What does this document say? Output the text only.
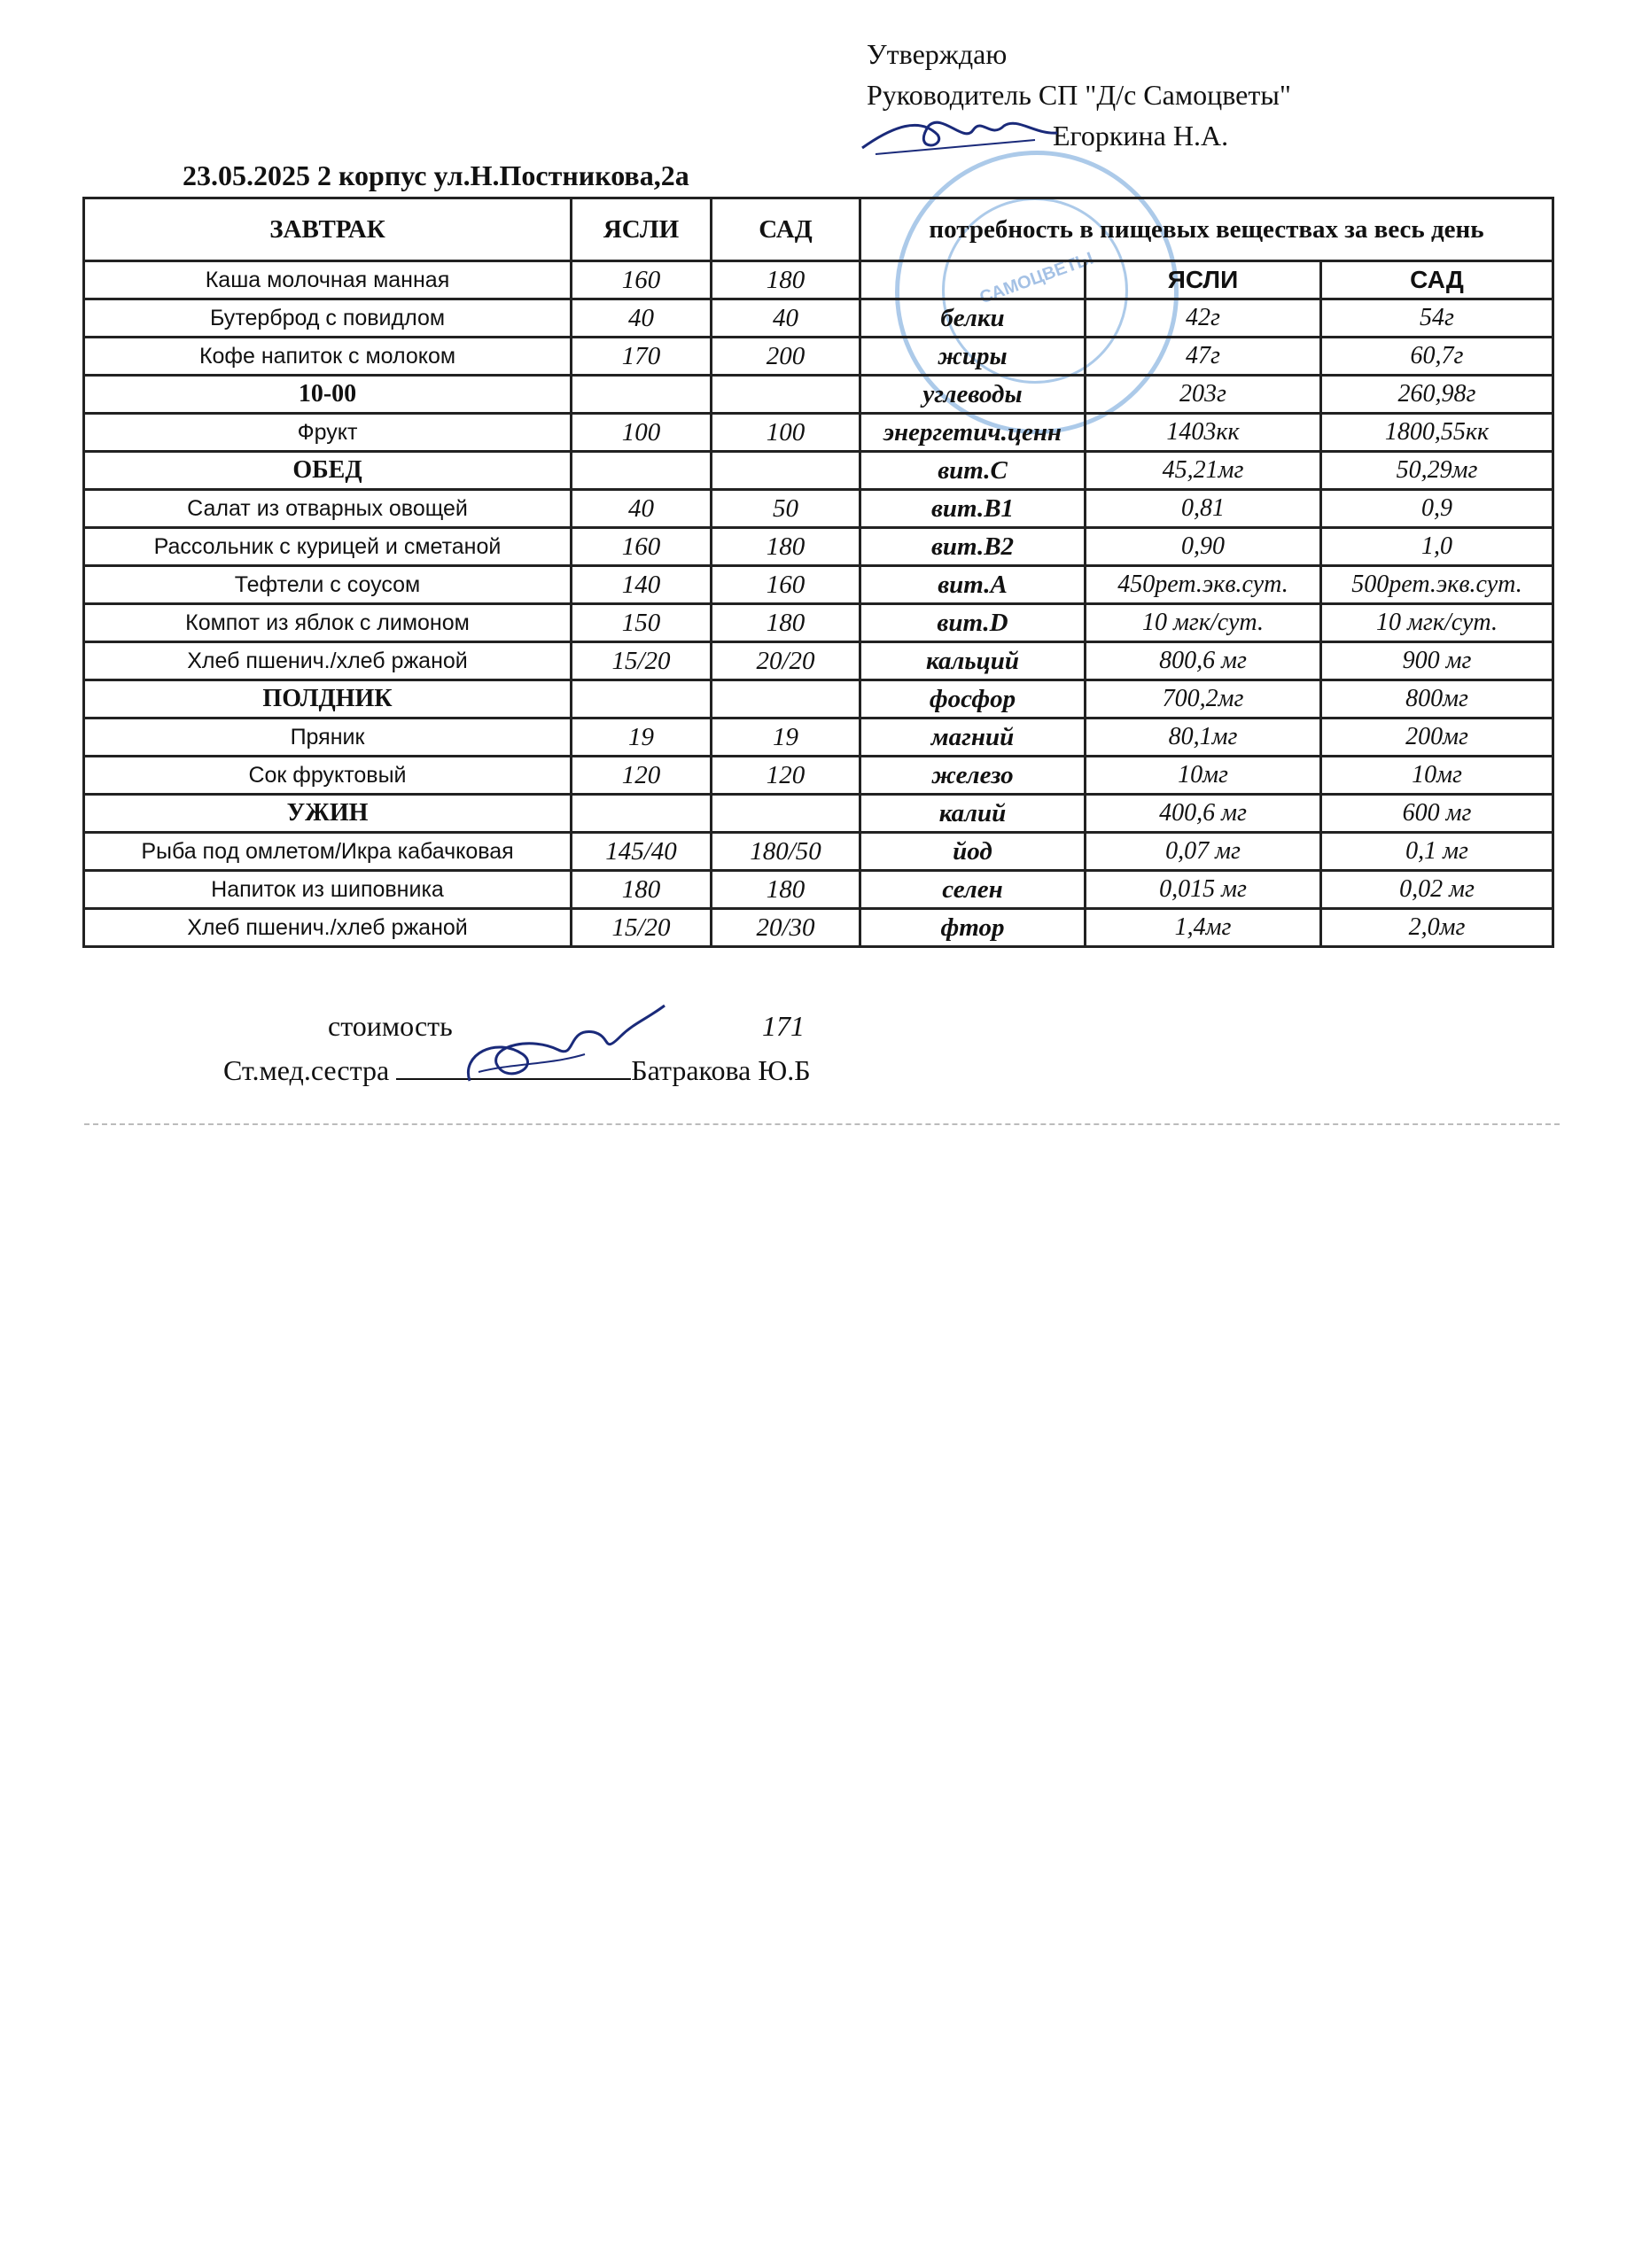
Утверждаю
Руководитель СП "Д/с Самоцветы"
Егоркина Н.А.
САМОЦВЕТЫ
23.05.2025 2 корпус ул.Н.Постникова,2а
ЗАВТРАК	ЯСЛИ	САД	потребность в пищевых веществах за весь день		
Каша молочная манная	160	180		ЯСЛИ	САД
Бутерброд с повидлом	40	40	белки	42г	54г
Кофе напиток с молоком	170	200	жиры	47г	60,7г
10-00			углеводы	203г	260,98г
Фрукт	100	100	энергетич.ценн	1403кк	1800,55кк
ОБЕД			вит.С	45,21мг	50,29мг
Салат из отварных овощей	40	50	вит.В1	0,81	0,9
Рассольник с курицей и сметаной	160	180	вит.В2	0,90	1,0
Тефтели с соусом	140	160	вит.А	450рет.экв.сут.	500рет.экв.сут.
Компот из яблок с лимоном	150	180	вит.D	10 мгк/сут.	10 мгк/сут.
Хлеб пшенич./хлеб ржаной	15/20	20/20	кальций	800,6 мг	900 мг
ПОЛДНИК			фосфор	700,2мг	800мг
Пряник	19	19	магний	80,1мг	200мг
Сок фруктовый	120	120	железо	10мг	10мг
УЖИН			калий	400,6 мг	600 мг
Рыба под омлетом/Икра кабачковая	145/40	180/50	йод	0,07 мг	0,1 мг
Напиток из шиповника	180	180	селен	0,015 мг	0,02 мг
Хлеб пшенич./хлеб ржаной	15/20	20/30	фтор	1,4мг	2,0мг
стоимость	171
Ст.мед.сестра	Батракова Ю.Б
